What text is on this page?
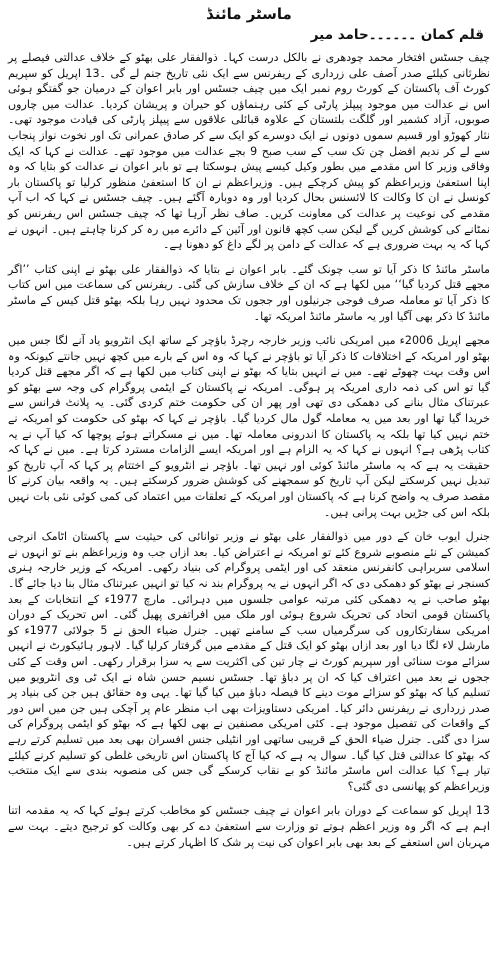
ماسٹر مائنڈ
قلم کمان ۔۔۔۔۔۔حامد میر

چیف جسٹس افتخار محمد چودھری نے بالکل درست کہا۔ ذوالفقار علی بھٹو کے خلاف عدالتی فیصلے پر نظرثانی کیلئے صدر آصف علی زرداری کے ریفرنس سے ایک نئی تاریخ جنم لے گی ۔13 اپریل کو سپریم کورٹ آف پاکستان کے کورٹ روم نمبر ایک میں چیف جسٹس اور بابر اعوان کے درمیان جو گفتگو ہوئی اس نے عدالت میں موجود پیپلز پارٹی کے کئی رہنماؤں کو حیران و پریشان کردیا۔ عدالت میں چاروں صوبوں، آزاد کشمیر اور گلگت بلتستان کے علاوہ قبائلی علاقوں سے پیپلز پارٹی کی قیادت موجود تھی۔ نثار کھوڑو اور قسیم سموں دونوں نے ایک دوسرے کو ایک سے کر صادق عمرانی تک اور نخوت نواز پنجاب سے لے کر ندیم افضل چن تک سب کے سب صبح 9 بجے عدالت میں موجود تھے۔ عدالت نے کہا کہ ایک وفاقی وزیر کا اس مقدمے میں بطور وکیل کیسے پیش ہوسکتا ہے تو بابر اعوان نے عدالت کو بتایا کہ وہ اپنا استعفیٰ وزیراعظم کو پیش کرچکے ہیں۔ وزیراعظم نے ان کا استعفیٰ منظور کرلیا تو پاکستان بار کونسل نے ان کا وکالت کا لائسنس بحال کردیا اور وہ دوبارہ آگئے ہیں۔ چیف جسٹس نے کہا کہ اب آپ مقدمے کی نوعیت پر عدالت کی معاونت کریں۔ صاف نظر آرہا تھا کہ چیف جسٹس اس ریفرنس کو نمٹانے کی کوشش کریں گے لیکن سب کچھ قانون اور آئین کے دائرے میں رہ کر کرنا چاہتے ہیں۔ انہوں نے کہا کہ یہ بہت ضروری ہے کہ عدالت کے دامن پر لگے داغ کو دھونا ہے۔

ماسٹر مائنڈ کا ذکر آیا تو سب چونک گئے۔ بابر اعوان نے بتایا کہ ذوالفقار علی بھٹو نے اپنی کتاب ’’اگر مجھے قتل کردیا گیا‘‘ میں لکھا ہے کہ ان کے خلاف سازش کی گئی۔ ریفرنس کی سماعت میں اس کتاب کا ذکر آیا تو معاملہ صرف فوجی جرنیلوں اور ججوں تک محدود نہیں رہا بلکہ بھٹو قتل کیس کے ماسٹر مائنڈ کا ذکر بھی آگیا اور یہ ماسٹر مائنڈ امریکہ تھا۔

مجھے اپریل 2006ء میں امریکی نائب وزیر خارجہ رچرڈ باؤچر کے ساتھ ایک انٹرویو یاد آنے لگا جس میں بھٹو اور امریکہ کے اختلافات کا ذکر آیا تو باؤچر نے کہا کہ وہ اس کے بارے میں کچھ نہیں جانتے کیونکہ وہ اس وقت بہت چھوٹے تھے۔ میں نے انہیں بتایا کہ بھٹو نے اپنی کتاب میں لکھا ہے کہ اگر مجھے قتل کردیا گیا تو اس کی ذمہ داری امریکہ پر ہوگی۔ امریکہ نے پاکستان کے ایٹمی پروگرام کی وجہ سے بھٹو کو عبرتناک مثال بنانے کی دھمکی دی تھی اور پھر ان کی حکومت ختم کردی گئی۔ یہ پلانٹ فرانس سے خریدا گیا تھا اور بعد میں یہ معاملہ گول مال کردیا گیا۔ باؤچر نے کہا کہ بھٹو کی حکومت کو امریکہ نے ختم نہیں کیا تھا بلکہ یہ پاکستان کا اندرونی معاملہ تھا۔ میں نے مسکراتے ہوئے پوچھا کہ کیا آپ نے یہ کتاب پڑھی ہے؟ انہوں نے کہا کہ یہ الزام ہے اور امریکہ ایسے الزامات مسترد کرتا ہے۔ میں نے کہا کہ حقیقت یہ ہے کہ یہ ماسٹر مائنڈ کوئی اور نہیں تھا۔ باؤچر نے انٹرویو کے اختتام پر کہا کہ آپ تاریخ کو تبدیل نہیں کرسکتے لیکن آپ تاریخ کو سمجھنے کی کوشش ضرور کرسکتے ہیں۔ یہ واقعہ بیان کرنے کا مقصد صرف یہ واضح کرنا ہے کہ پاکستان اور امریکہ کے تعلقات میں اعتماد کی کمی کوئی نئی بات نہیں بلکہ اس کی جڑیں بہت پرانی ہیں۔

جنرل ایوب خان کے دور میں ذوالفقار علی بھٹو نے وزیر توانائی کی حیثیت سے پاکستان اٹامک انرجی کمیشن کے نئے منصوبے شروع کئے تو امریکہ نے اعتراض کیا۔ بعد ازاں جب وہ وزیراعظم بنے تو انہوں نے اسلامی سربراہی کانفرنس منعقد کی اور ایٹمی پروگرام کی بنیاد رکھی۔ امریکہ کے وزیر خارجہ ہنری کسنجر نے بھٹو کو دھمکی دی کہ اگر انہوں نے یہ پروگرام بند نہ کیا تو انہیں عبرتناک مثال بنا دیا جائے گا۔ بھٹو صاحب نے یہ دھمکی کئی مرتبہ عوامی جلسوں میں دہرائی۔ مارچ 1977ء کے انتخابات کے بعد پاکستان قومی اتحاد کی تحریک شروع ہوئی اور ملک میں افراتفری پھیل گئی۔ اس تحریک کے دوران امریکی سفارتکاروں کی سرگرمیاں سب کے سامنے تھیں۔ جنرل ضیاء الحق نے 5 جولائی 1977ء کو مارشل لاء لگا دیا اور بعد ازاں بھٹو کو ایک قتل کے مقدمے میں گرفتار کرلیا گیا۔ لاہور ہائیکورٹ نے انہیں سزائے موت سنائی اور سپریم کورٹ نے چار تین کی اکثریت سے یہ سزا برقرار رکھی۔ اس وقت کے کئی ججوں نے بعد میں اعتراف کیا کہ ان پر دباؤ تھا۔ جسٹس نسیم حسن شاہ نے ایک ٹی وی انٹرویو میں تسلیم کیا کہ بھٹو کو سزائے موت دینے کا فیصلہ دباؤ میں کیا گیا تھا۔ یہی وہ حقائق ہیں جن کی بنیاد پر صدر زرداری نے ریفرنس دائر کیا۔ امریکی دستاویزات بھی اب منظر عام پر آچکی ہیں جن میں اس دور کے واقعات کی تفصیل موجود ہے۔ کئی امریکی مصنفین نے بھی لکھا ہے کہ بھٹو کو ایٹمی پروگرام کی سزا دی گئی۔ جنرل ضیاء الحق کے قریبی ساتھی اور انٹیلی جنس افسران بھی بعد میں تسلیم کرتے رہے کہ بھٹو کا عدالتی قتل کیا گیا۔ سوال یہ ہے کہ کیا آج کا پاکستان اس تاریخی غلطی کو تسلیم کرنے کیلئے تیار ہے؟ کیا عدالت اس ماسٹر مائنڈ کو بے نقاب کرسکے گی جس کی منصوبہ بندی سے ایک منتخب وزیراعظم کو پھانسی دی گئی؟

13 اپریل کو سماعت کے دوران بابر اعوان نے چیف جسٹس کو مخاطب کرتے ہوئے کہا کہ یہ مقدمہ اتنا اہم ہے کہ اگر وہ وزیر اعظم ہوتے تو وزارت سے استعفیٰ دے کر بھی وکالت کو ترجیح دیتے۔ بہت سے مہربان اس استعفے کے بعد بھی بابر اعوان کی نیت پر شک کا اظہار کرتے ہیں۔
